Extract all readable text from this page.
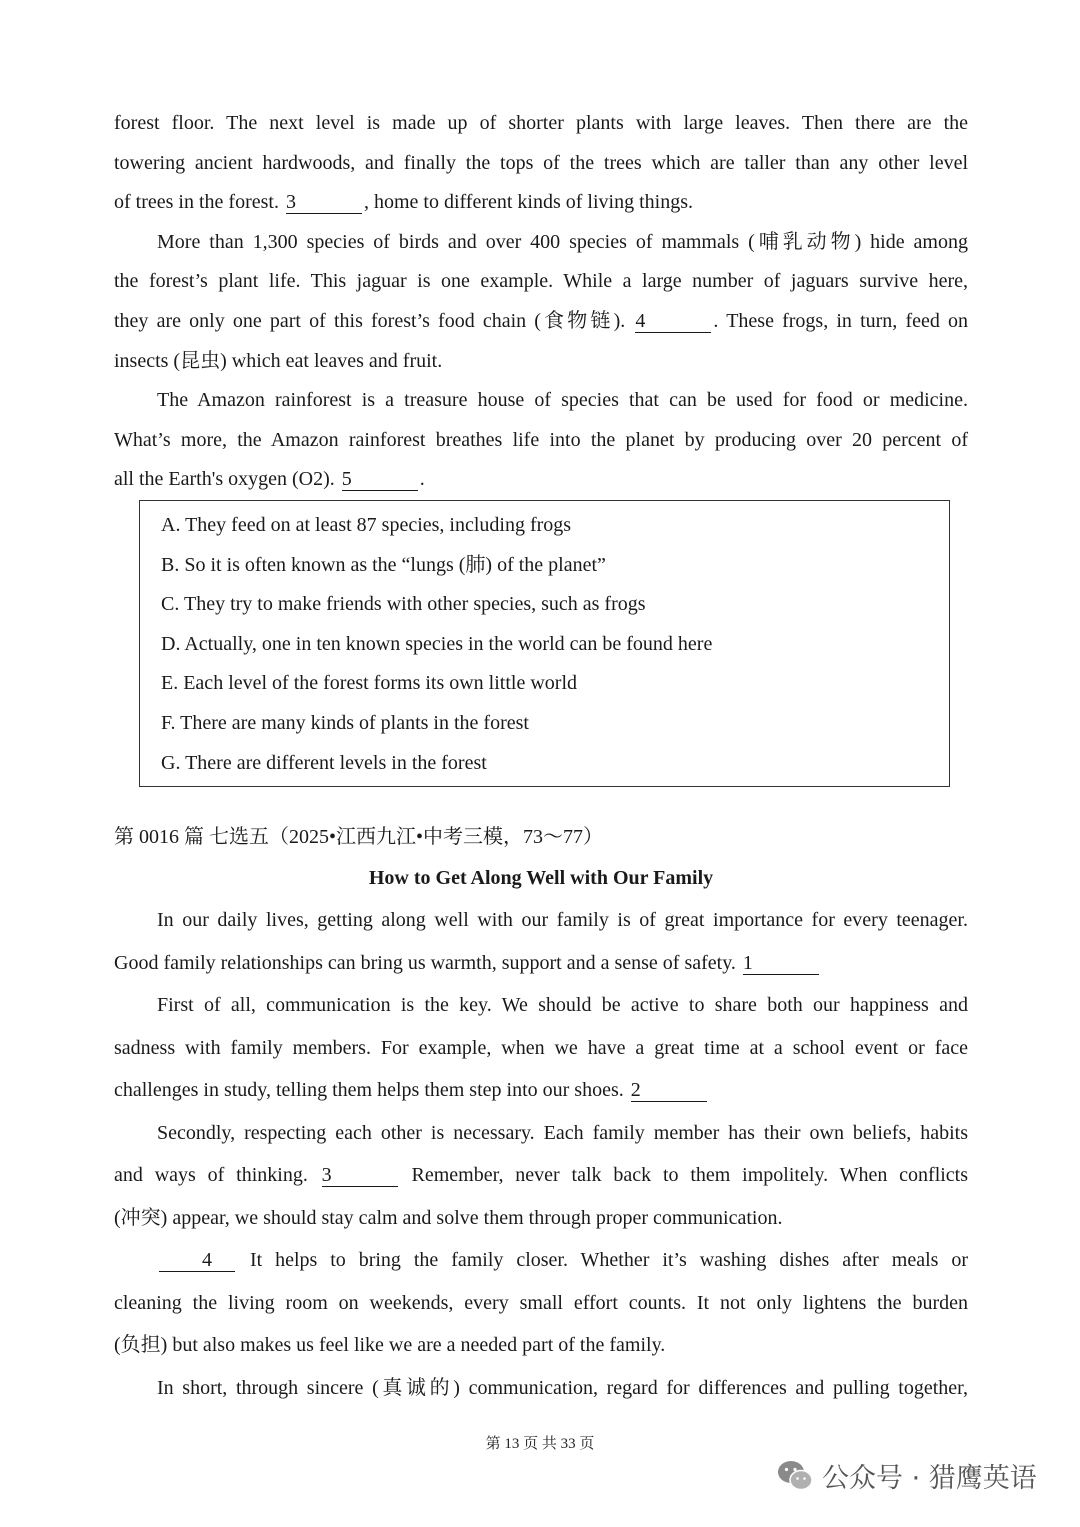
forest floor. The next level is made up of shorter plants with large leaves. Then there are the

towering ancient hardwoods, and finally the tops of the trees which are taller than any other level

of trees in the forest. 3	, home to different kinds of living things.

More than 1,300 species of birds and over 400 species of mammals (哺乳动物) hide among

the forest’s plant life. This jaguar is one example. While a large number of jaguars survive here,

they are only one part of this forest’s food chain (食物链). 4	. These frogs, in turn, feed on

insects (昆虫) which eat leaves and fruit.

The Amazon rainforest is a treasure house of species that can be used for food or medicine.

What’s more, the Amazon rainforest breathes life into the planet by producing over 20 percent of

all the Earth's oxygen (O2). 5	.

A. They feed on at least 87 species, including frogs
B. So it is often known as the “lungs (肺) of the planet”
C. They try to make friends with other species, such as frogs
D. Actually, one in ten known species in the world can be found here
E. Each level of the forest forms its own little world
F. There are many kinds of plants in the forest
G. There are different levels in the forest
第 0016 篇 七选五（2025•江西九江•中考三模，73～77）
How to Get Along Well with Our Family

In our daily lives, getting along well with our family is of great importance for every teenager.

Good family relationships can bring us warmth, support and a sense of safety. 1

First of all, communication is the key. We should be active to share both our happiness and

sadness with family members. For example, when we have a great time at a school event or face

challenges in study, telling them helps them step into our shoes. 2

Secondly, respecting each other is necessary. Each family member has their own beliefs, habits

and ways of thinking. 3	Remember, never talk back to them impolitely. When conflicts

(冲突) appear, we should stay calm and solve them through proper communication.

4 It helps to bring the family closer. Whether it’s washing dishes after meals or

cleaning the living room on weekends, every small effort counts. It not only lightens the burden

(负担) but also makes us feel like we are a needed part of the family.

In short, through sincere (真诚的) communication, regard for differences and pulling together,

第 13 页 共 33 页
公众号 · 猎鹰英语
